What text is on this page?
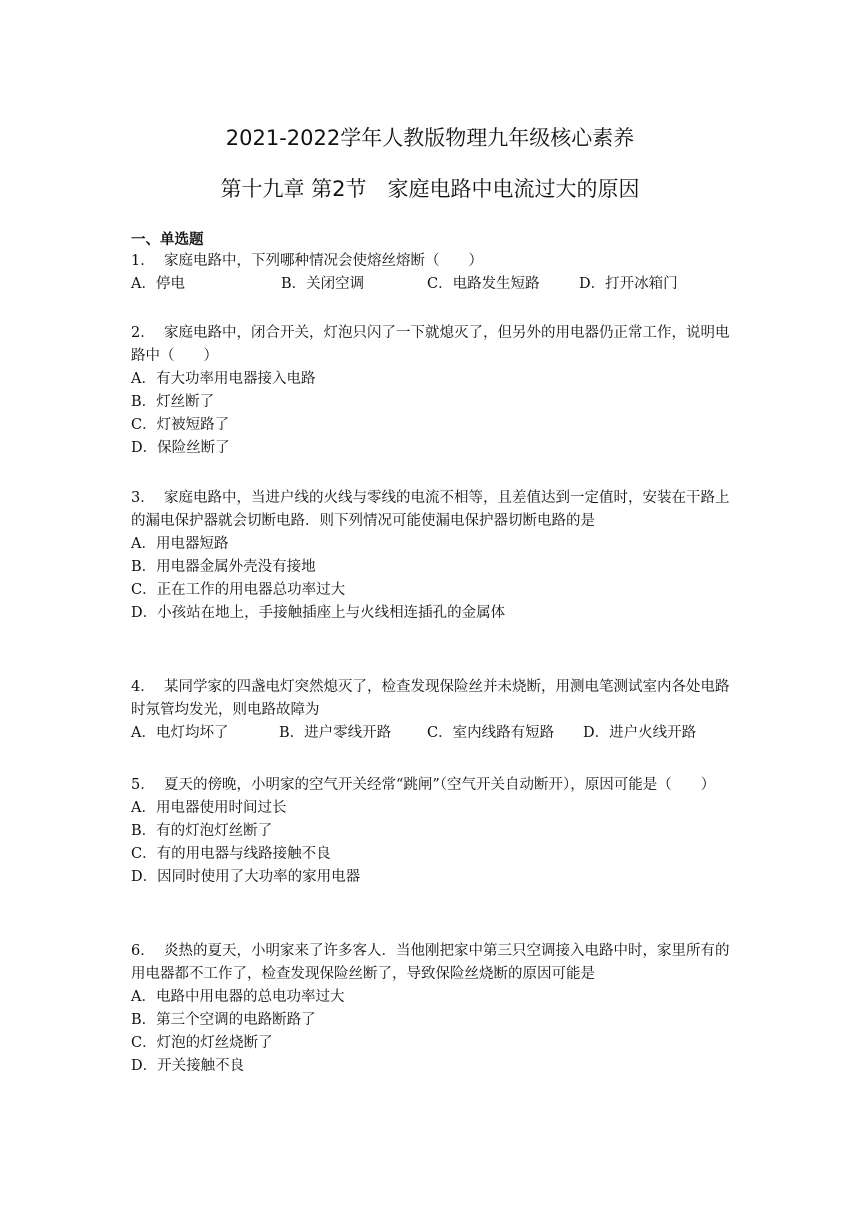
2021-2022学年人教版物理九年级核心素养
第十九章 第2节　家庭电路中电流过大的原因
一、单选题
1．  家庭电路中，下列哪种情况会使熔丝熔断（　　）
A．停电	B．关闭空调	C．电路发生短路	D．打开冰箱门
2．  家庭电路中，闭合开关，灯泡只闪了一下就熄灭了，但另外的用电器仍正常工作，说明电路中（　　）
A．有大功率用电器接入电路
B．灯丝断了
C．灯被短路了
D．保险丝断了
3．  家庭电路中，当进户线的火线与零线的电流不相等，且差值达到一定值时，安装在干路上的漏电保护器就会切断电路．则下列情况可能使漏电保护器切断电路的是
A．用电器短路
B．用电器金属外壳没有接地
C．正在工作的用电器总功率过大
D．小孩站在地上，手接触插座上与火线相连插孔的金属体
4．  某同学家的四盏电灯突然熄灭了，检查发现保险丝并未烧断，用测电笔测试室内各处电路时氖管均发光，则电路故障为
A．电灯均坏了	B．进户零线开路 C．室内线路有短路 D．进户火线开路
5．  夏天的傍晚，小明家的空气开关经常“跳闸”（空气开关自动断开），原因可能是（　　）
A．用电器使用时间过长
B．有的灯泡灯丝断了
C．有的用电器与线路接触不良
D．因同时使用了大功率的家用电器
6．  炎热的夏天，小明家来了许多客人．当他刚把家中第三只空调接入电路中时，家里所有的用电器都不工作了，检查发现保险丝断了，导致保险丝烧断的原因可能是
A．电路中用电器的总电功率过大
B．第三个空调的电路断路了
C．灯泡的灯丝烧断了
D．开关接触不良
